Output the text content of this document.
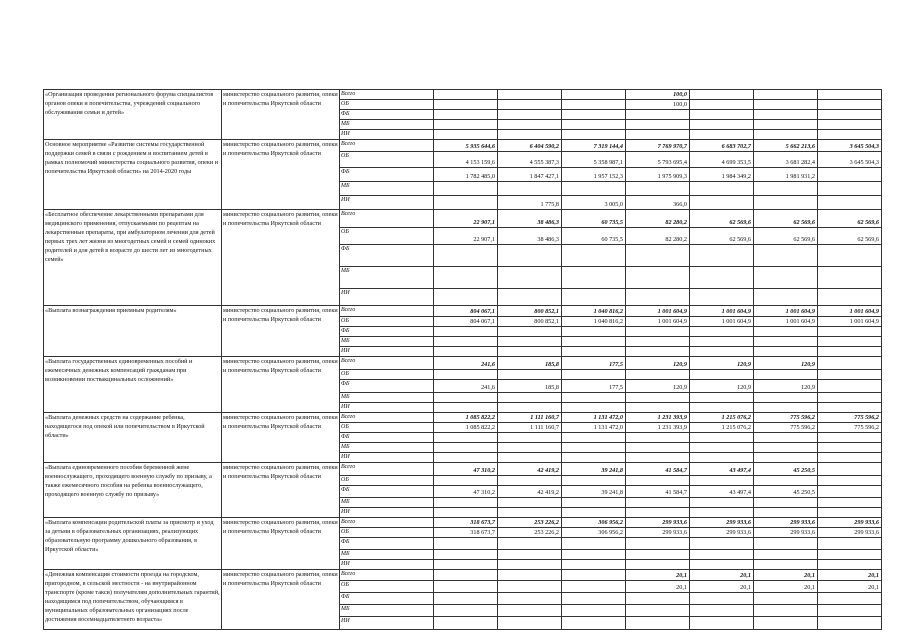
«Организация проведения регионального форума специалистов органов опеки и попечительства, учреждений социального обслуживания семьи и детей»	министерство социального развития, опеки и попечительства Иркутской области	Всего				100,0			
		ОБ				100,0			
		ФБ							
		МБ							
		ИИ							
Основное мероприятие «Развитие системы государственной поддержки семей в связи с рождением и воспитанием детей в рамках полномочий министерства социального развития, опеки и попечительства Иркутской области» на 2014-2020 годы	министерство социального развития, опеки и попечительства Иркутской области	Всего	5 935 644,6	6 404 590,2	7 319 144,4	7 769 970,7	6 683 702,7	5 662 213,6	3 645 504,3
		ОБ	4 153 159,6	4 555 387,3	5 358 987,1	5 793 695,4	4 699 353,5	3 681 282,4	3 645 504,3
		ФБ	1 782 485,0	1 847 427,1	1 957 152,3	1 975 909,3	1 984 349,2	1 981 931,2	
		МБ							
		ИИ		1 775,8	3 005,0	366,0			
«Бесплатное обеспечение лекарственными препаратами для медицинского применения, отпускаемыми по рецептам на лекарственные препараты, при амбулаторном лечении для детей первых трех лет жизни из многодетных семей и семей одиноких родителей и для детей в возрасте до шести лет из многодетных семей»	министерство социального развития, опеки и попечительства Иркутской области	Всего	22 907,1	38 486,3	60 735,5	82 280,2	62 569,6	62 569,6	62 569,6
		ОБ	22 907,1	38 486,3	60 735,5	82 280,2	62 569,6	62 569,6	62 569,6
		ФБ							
		МБ							
		ИИ							
«Выплата вознаграждения приемным родителям»	министерство социального развития, опеки и попечительства Иркутской области	Всего	804 067,1	800 852,1	1 040 816,2	1 001 604,9	1 001 604,9	1 001 604,9	1 001 604,9
		ОБ	804 067,1	800 852,1	1 040 816,2	1 001 604,9	1 001 604,9	1 001 604,9	1 001 604,9
		ФБ							
		МБ							
		ИИ							
«Выплата государственных единовременных пособий и ежемесячных денежных компенсаций гражданам при возникновении поствакцинальных осложнений»	министерство социального развития, опеки и попечительства Иркутской области	Всего	241,6	185,8	177,5	120,9	120,9	120,9	
		ОБ							
		ФБ	241,6	185,8	177,5	120,9	120,9	120,9	
		МБ							
		ИИ							
«Выплата денежных средств на содержание ребенка, находящегося под опекой или попечительством в Иркутской области»	министерство социального развития, опеки и попечительства Иркутской области	Всего	1 085 822,2	1 111 160,7	1 131 472,0	1 231 393,9	1 215 076,2	775 596,2	775 596,2
		ОБ	1 085 822,2	1 111 160,7	1 131 472,0	1 231 393,9	1 215 076,2	775 596,2	775 596,2
		ФБ							
		МБ							
		ИИ							
«Выплата единовременного пособия беременной жене военнослужащего, проходящего военную службу по призыву, а также ежемесячного пособия на ребенка военнослужащего, проходящего военную службу по призыву»	министерство социального развития, опеки и попечительства Иркутской области	Всего	47 310,2	42 419,2	39 241,8	41 584,7	43 497,4	45 250,5	
		ОБ							
		ФБ	47 310,2	42 419,2	39 241,8	41 584,7	43 497,4	45 250,5	
		МБ							
		ИИ							
«Выплата компенсации родительской платы за присмотр и уход за детьми в образовательных организациях, реализующих образовательную программу дошкольного образования, в Иркутской области»	министерство социального развития, опеки и попечительства Иркутской области	Всего	318 673,7	253 226,2	306 956,2	299 933,6	299 933,6	299 933,6	299 933,6
		ОБ	318 673,7	253 226,2	306 956,2	299 933,6	299 933,6	299 933,6	299 933,6
		ФБ							
		МБ							
		ИИ							
«Денежная компенсация стоимости проезда на городском, пригородном, в сельской местности - на внутрирайонном транспорте (кроме такси) получателям дополнительных гарантий, находящимся под попечительством, обучающимся в муниципальных образовательных организациях после достижения восемнадцатилетнего возраста»	министерство социального развития, опеки и попечительства Иркутской области	Всего				20,1	20,1	20,1	20,1
		ОБ				20,1	20,1	20,1	20,1
		ФБ							
		МБ							
		ИИ							
